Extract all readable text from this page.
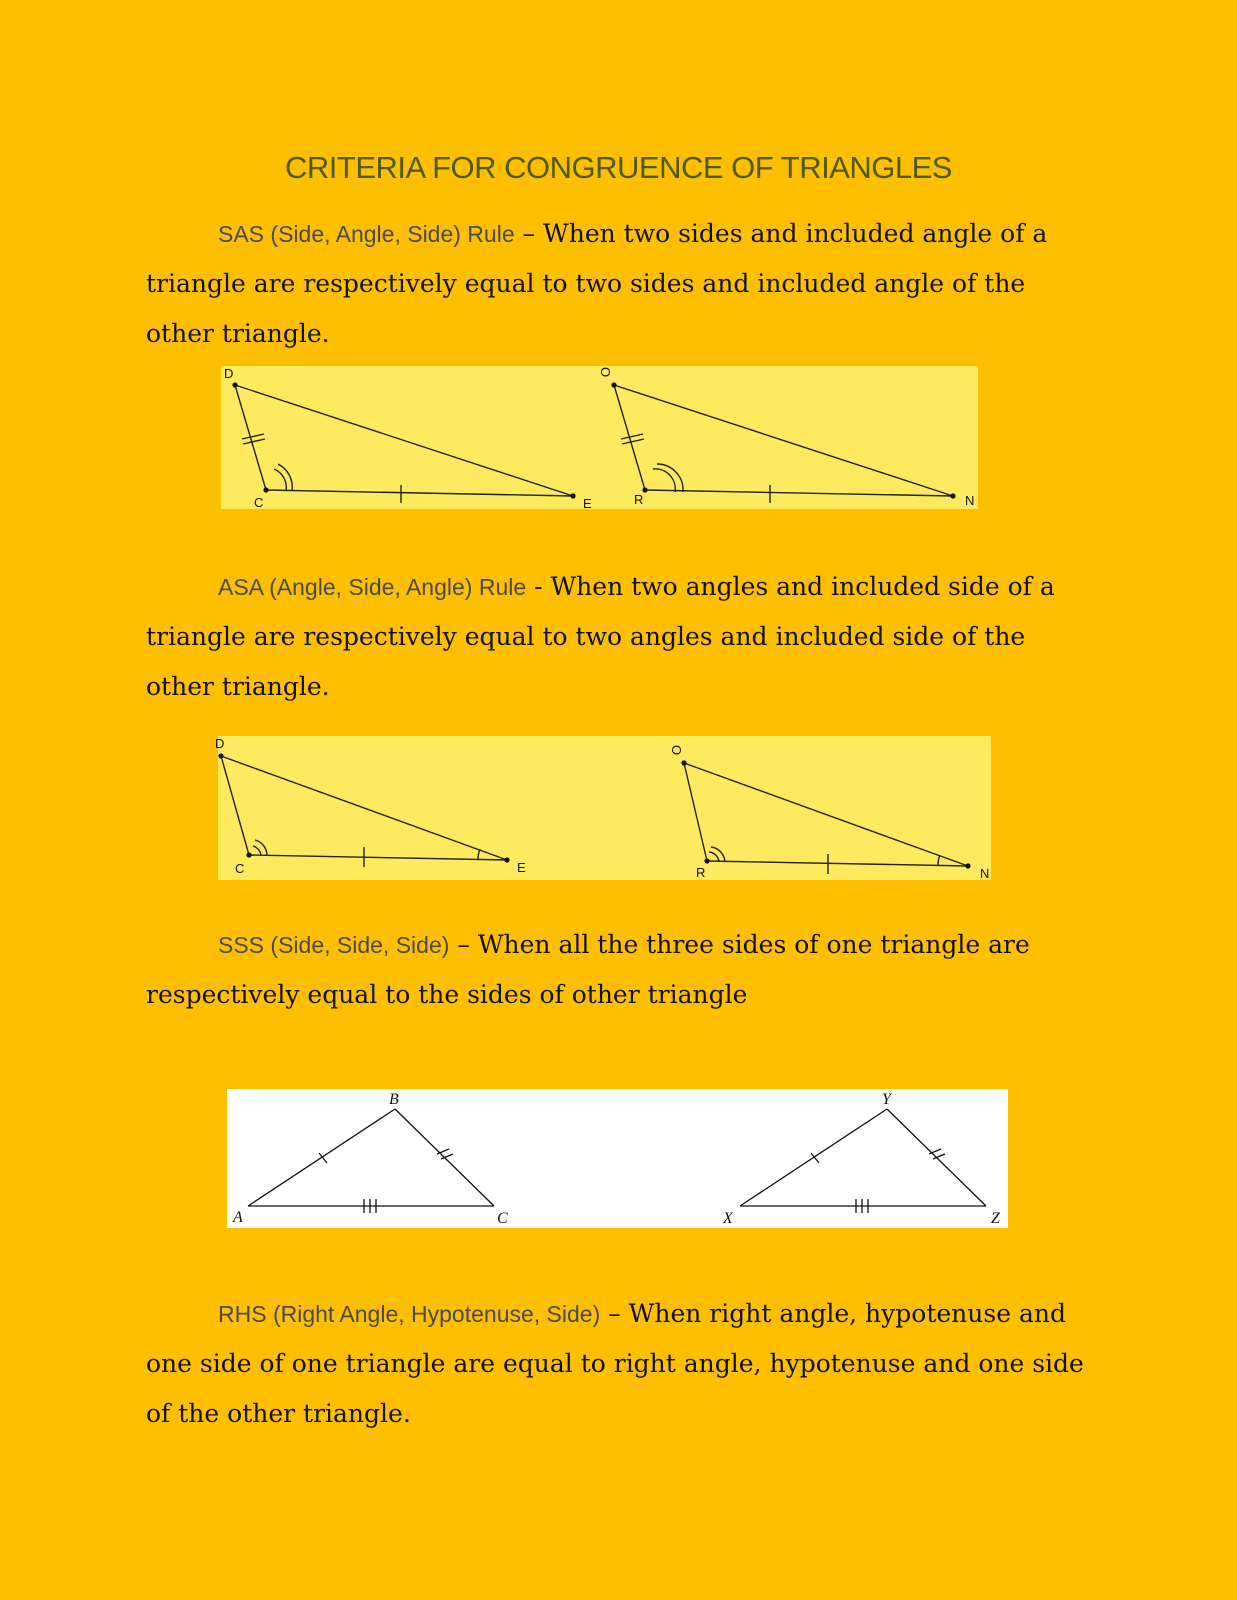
CRITERIA FOR CONGRUENCE OF TRIANGLES

SAS (Side, Angle, Side) Rule – When two sides and included angle of a triangle are respectively equal to two sides and included angle of the other triangle.

D
C	E
O
R	N

ASA (Angle, Side, Angle) Rule - When two angles and included side of a triangle are respectively equal to two angles and included side of the other triangle.

D
C	E
O
R	N

SSS (Side, Side, Side) – When all the three sides of one triangle are respectively equal to the sides of other triangle

B
A	C
Y
X	Z

RHS (Right Angle, Hypotenuse, Side) – When right angle, hypotenuse and one side of one triangle are equal to right angle, hypotenuse and one side of the other triangle.
